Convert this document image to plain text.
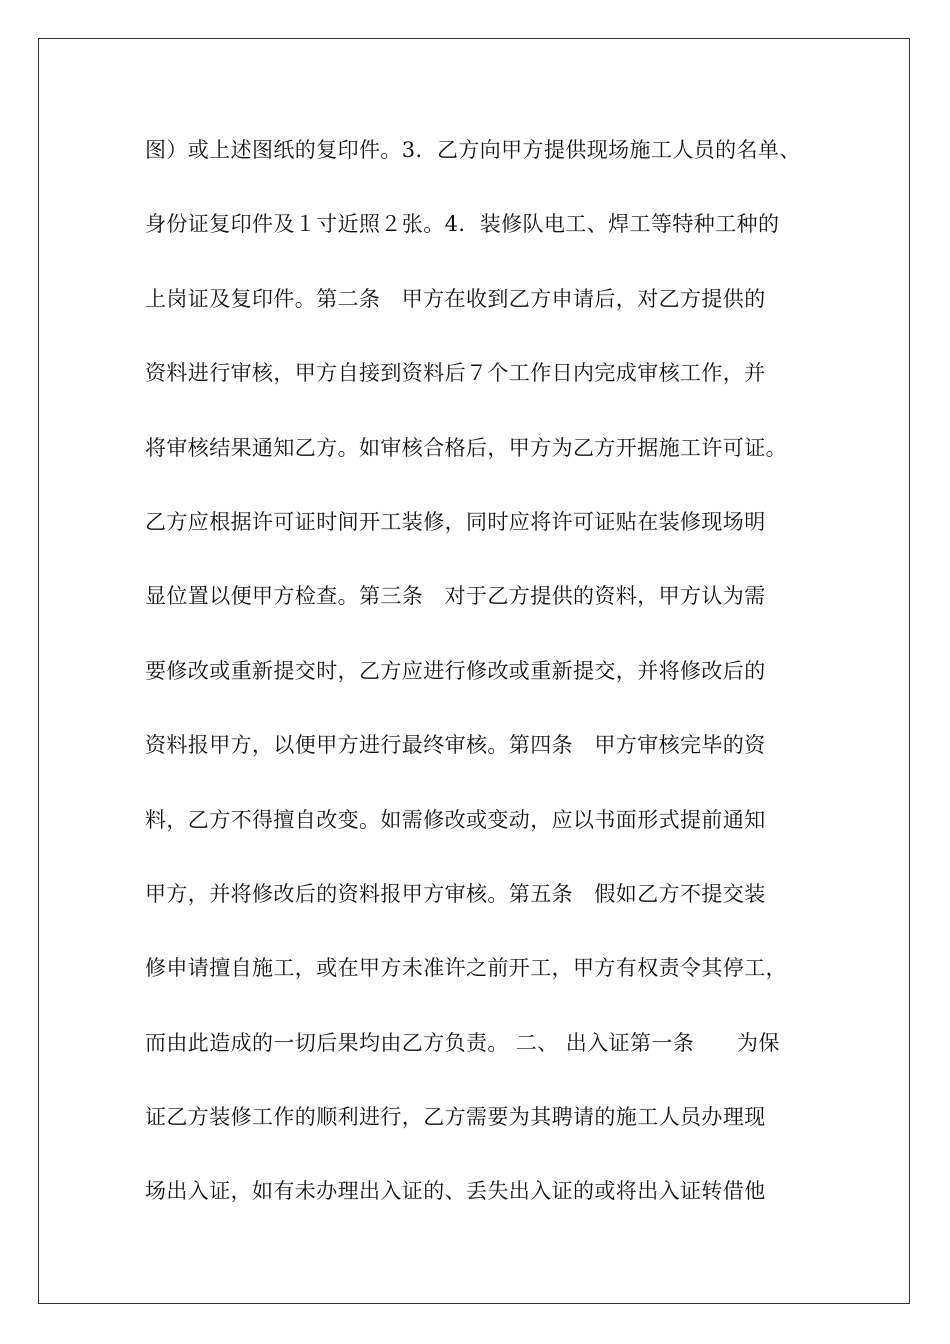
图）或上述图纸的复印件。3．乙方向甲方提供现场施工人员的名单、
身份证复印件及１寸近照２张。4．装修队电工、焊工等特种工种的
上岗证及复印件。第二条　甲方在收到乙方申请后，对乙方提供的
资料进行审核，甲方自接到资料后７个工作日内完成审核工作，并
将审核结果通知乙方。如审核合格后，甲方为乙方开据施工许可证。
乙方应根据许可证时间开工装修，同时应将许可证贴在装修现场明
显位置以便甲方检查。第三条　对于乙方提供的资料，甲方认为需
要修改或重新提交时，乙方应进行修改或重新提交，并将修改后的
资料报甲方，以便甲方进行最终审核。第四条　甲方审核完毕的资
料，乙方不得擅自改变。如需修改或变动，应以书面形式提前通知
甲方，并将修改后的资料报甲方审核。第五条　假如乙方不提交装
修申请擅自施工，或在甲方未准许之前开工，甲方有权责令其停工，
而由此造成的一切后果均由乙方负责。 二、 出入证第一条　　为保
证乙方装修工作的顺利进行，乙方需要为其聘请的施工人员办理现
场出入证，如有未办理出入证的、丢失出入证的或将出入证转借他
